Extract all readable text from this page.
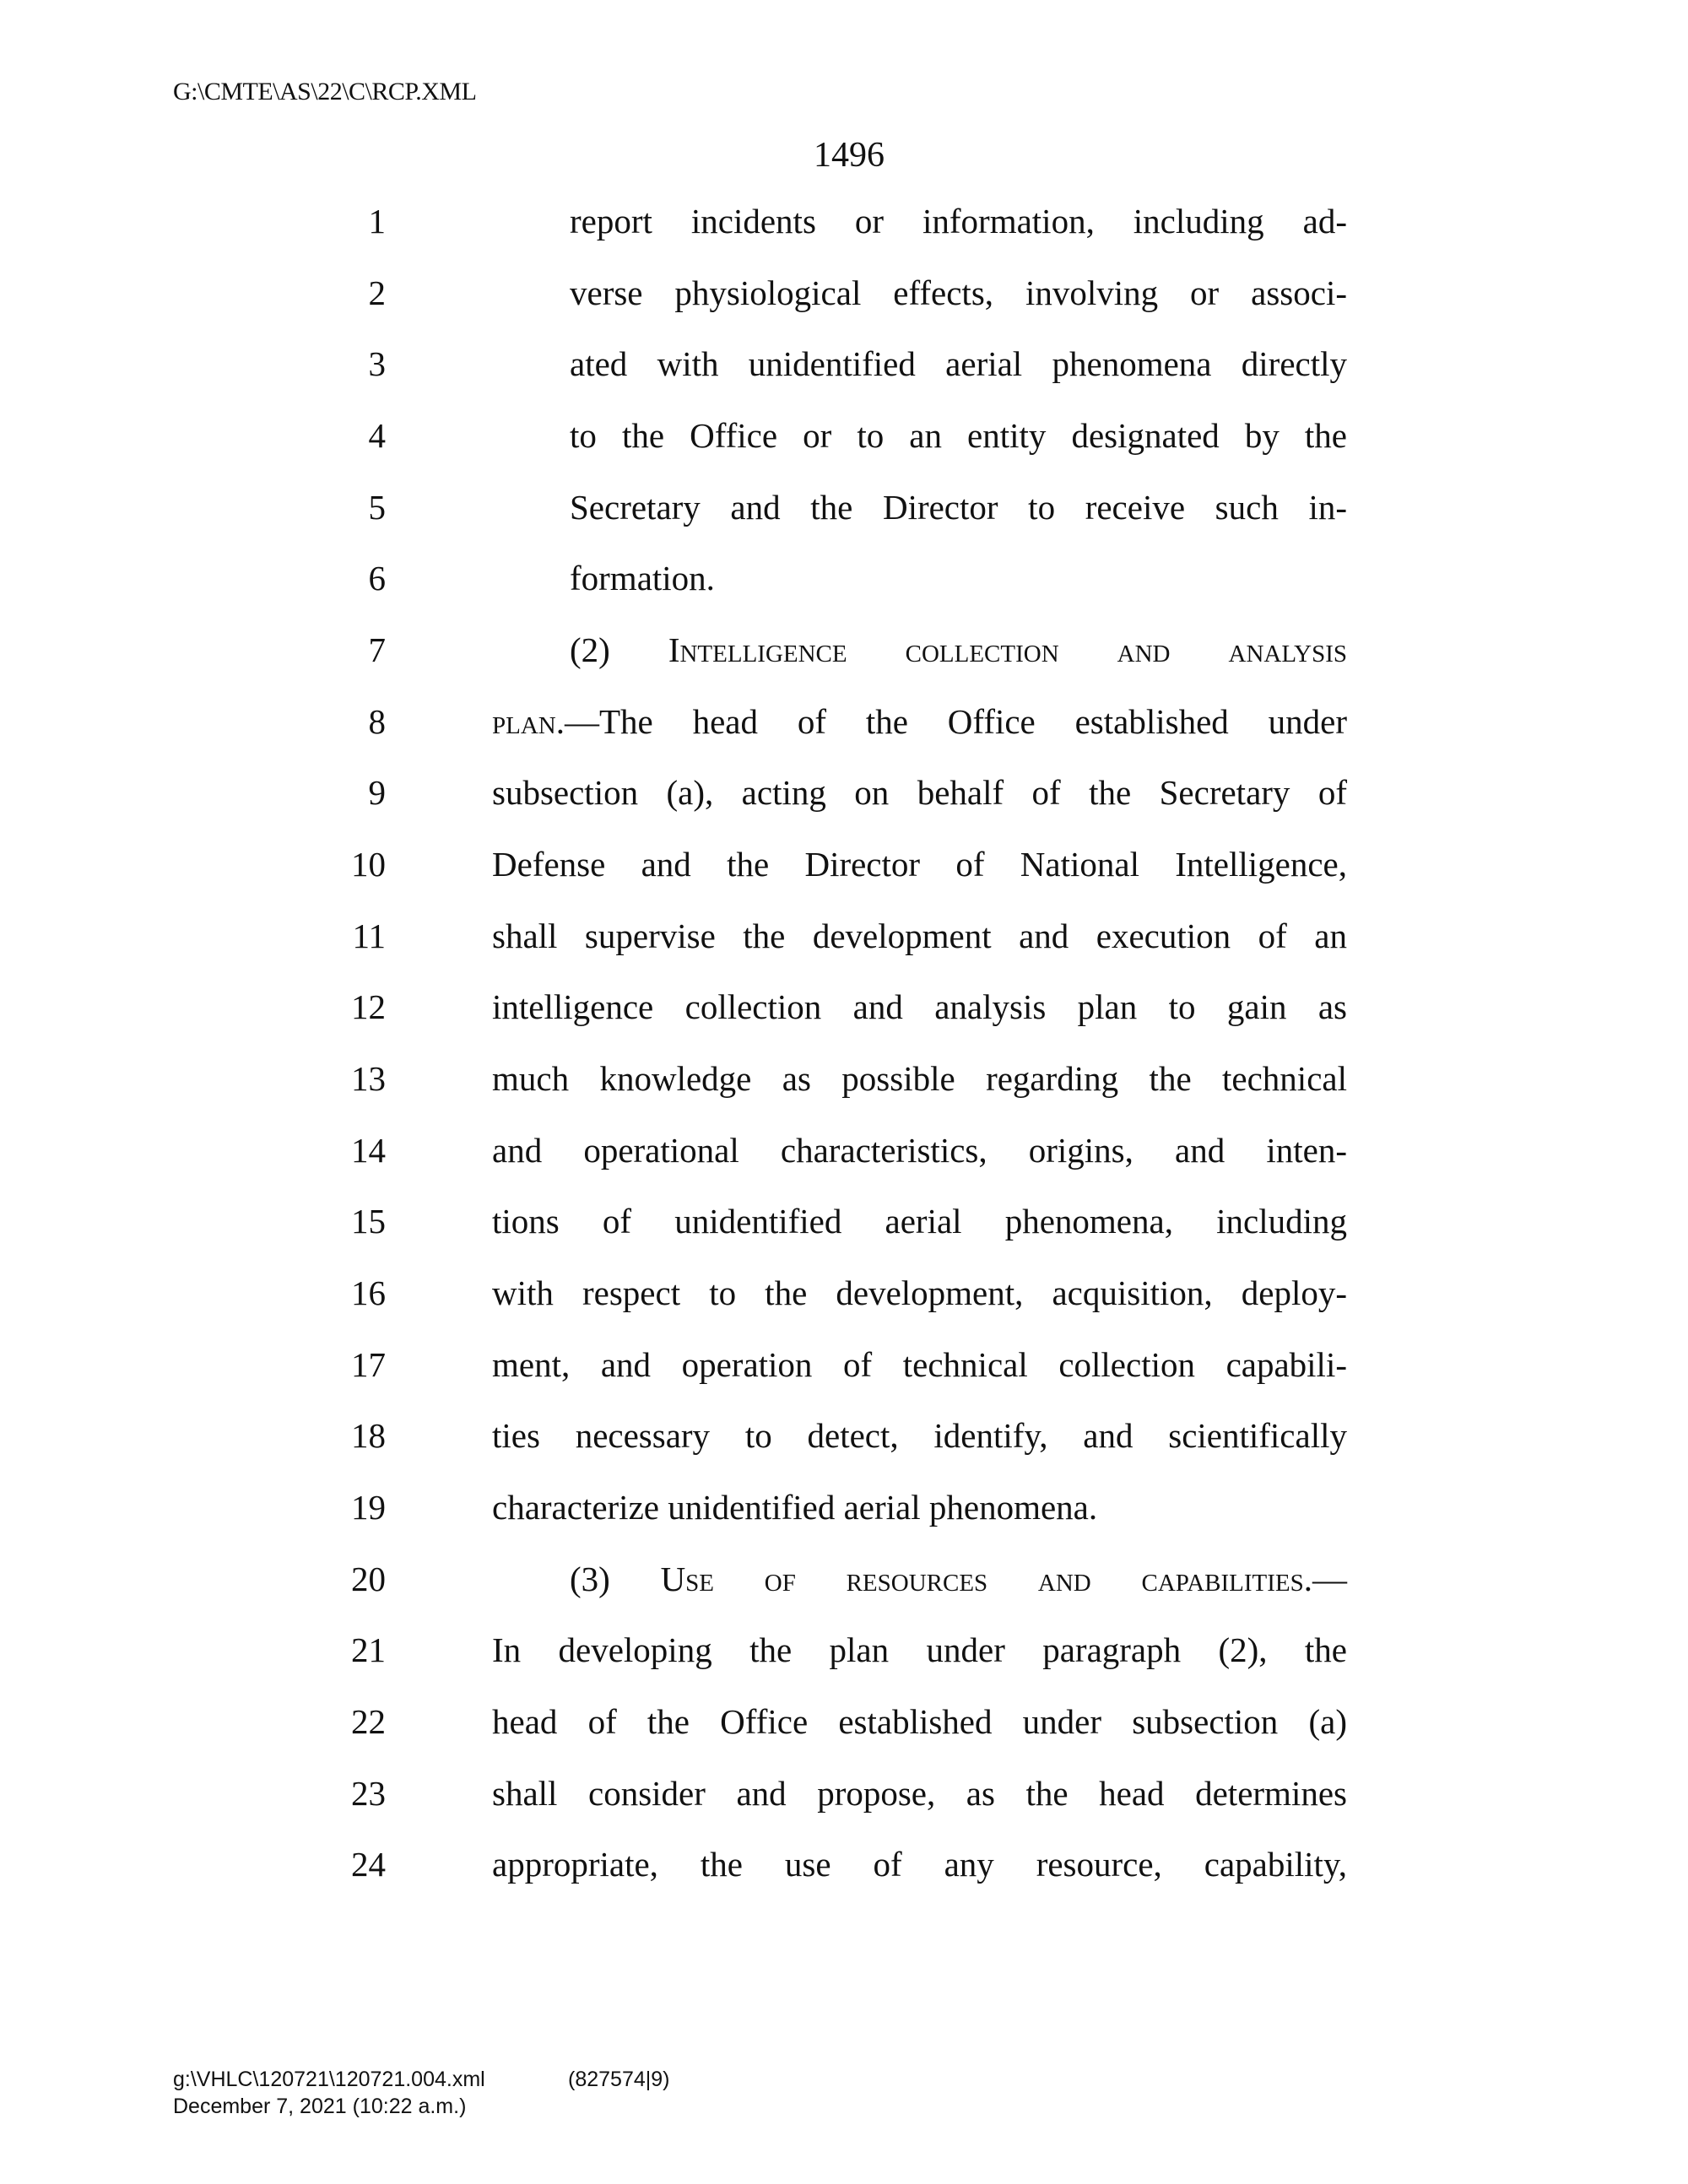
G:\CMTE\AS\22\C\RCP.XML
1496
1	report incidents or information, including ad-
2	verse physiological effects, involving or associ-
3	ated with unidentified aerial phenomena directly
4	to the Office or to an entity designated by the
5	Secretary and the Director to receive such in-
6	formation.
7	(2) Intelligence collection and analysis
8	plan.—The head of the Office established under
9	subsection (a), acting on behalf of the Secretary of
10	Defense and the Director of National Intelligence,
11	shall supervise the development and execution of an
12	intelligence collection and analysis plan to gain as
13	much knowledge as possible regarding the technical
14	and operational characteristics, origins, and inten-
15	tions of unidentified aerial phenomena, including
16	with respect to the development, acquisition, deploy-
17	ment, and operation of technical collection capabili-
18	ties necessary to detect, identify, and scientifically
19	characterize unidentified aerial phenomena.
20	(3) Use of resources and capabilities.—
21	In developing the plan under paragraph (2), the
22	head of the Office established under subsection (a)
23	shall consider and propose, as the head determines
24	appropriate, the use of any resource, capability,
g:\VHLC\120721\120721.004.xml	(827574|9)
December 7, 2021 (10:22 a.m.)
